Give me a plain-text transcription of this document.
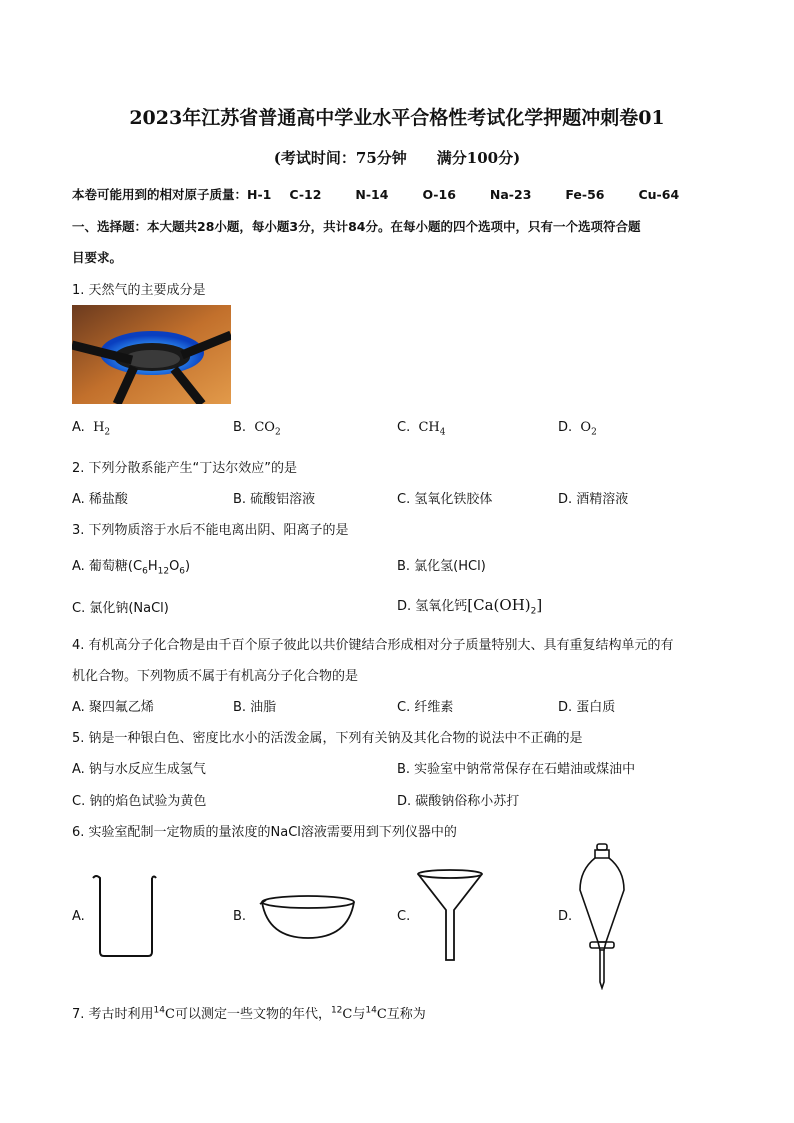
2023年江苏省普通高中学业水平合格性考试化学押题冲刺卷01
(考试时间：75分钟　　满分100分)
本卷可能用到的相对原子质量：H-1 C-12	N-14	O-16	Na-23	Fe-56	Cu-64
一、选择题：本大题共28小题，每小题3分，共计84分。在每小题的四个选项中，只有一个选项符合题
目要求。
1. 天然气的主要成分是
A. $H_2$	B. $CO_2$	C. $CH_4$	D. $O_2$
2. 下列分散系能产生“丁达尔效应”的是
A. 稀盐酸	B. 硫酸铝溶液	C. 氢氧化铁胶体	D. 酒精溶液
3. 下列物质溶于水后不能电离出阴、阳离子的是
A. 葡萄糖$(C_6H_{12}O_6)$	B. 氯化氢(HCl)
C. 氯化钠(NaCl)	D. 氢氧化钙$[Ca(OH)_2]$
4. 有机高分子化合物是由千百个原子彼此以共价键结合形成相对分子质量特别大、具有重复结构单元的有
机化合物。下列物质不属于有机高分子化合物的是
A. 聚四氟乙烯	B. 油脂	C. 纤维素	D. 蛋白质
5. 钠是一种银白色、密度比水小的活泼金属，下列有关钠及其化合物的说法中不正确的是
A. 钠与水反应生成氢气	B. 实验室中钠常常保存在石蜡油或煤油中
C. 钠的焰色试验为黄色	D. 碳酸钠俗称小苏打
6. 实验室配制一定物质的量浓度的NaCl溶液需要用到下列仪器中的
A.	B.	C.	D.
7. 考古时利用$^{14}$C可以测定一些文物的年代，$^{12}$C与$^{14}$C互称为
